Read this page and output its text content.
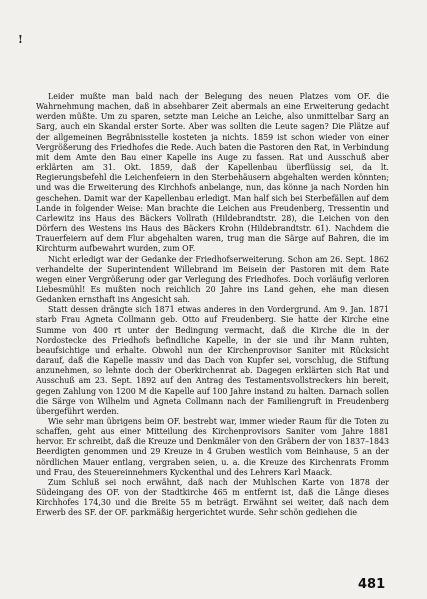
!

Leider mußte man bald nach der Belegung des neuen Platzes vom OF. die Wahrnehmung machen, daß in absehbarer Zeit abermals an eine Erweiterung gedacht werden müßte. Um zu sparen, setzte man Leiche an Leiche, also unmittelbar Sarg an Sarg, auch ein Skandal erster Sorte. Aber was sollten die Leute sagen? Die Plätze auf der allgemeinen Begräbnisstelle kosteten ja nichts. 1859 ist schon wieder von einer Vergrößerung des Friedhofes die Rede. Auch baten die Pastoren den Rat, in Verbindung mit dem Amte den Bau einer Kapelle ins Auge zu fassen. Rat und Ausschuß aber erklärten am 31. Okt. 1859, daß der Kapellenbau überflüssig sei, da lt. Regierungsbefehl die Leichenfeiern in den Sterbehäusern abgehalten werden könnten; und was die Erweiterung des Kirchhofs anbelange, nun, das könne ja nach Norden hin geschehen. Damit war der Kapellenbau erledigt. Man half sich bei Sterbefällen auf dem Lande in folgender Weise: Man brachte die Leichen aus Freudenberg, Tressentin und Carlewitz ins Haus des Bäckers Vollrath (Hildebrandtstr. 28), die Leichen von den Dörfern des Westens ins Haus des Bäckers Krohn (Hildebrandtstr. 61). Nachdem die Trauerfeiern auf dem Flur abgehalten waren, trug man die Särge auf Bahren, die im Kirchturm aufbewahrt wurden, zum OF.

Nicht erledigt war der Gedanke der Friedhofserweiterung. Schon am 26. Sept. 1862 verhandelte der Superintendent Willebrand im Beisein der Pastoren mit dem Rate wegen einer Vergrößerung oder gar Verlegung des Friedhofes. Doch vorläufig verloren Liebesmühl! Es mußten noch reichlich 20 Jahre ins Land gehen, ehe man diesen Gedanken ernsthaft ins Angesicht sah.

Statt dessen drängte sich 1871 etwas anderes in den Vordergrund. Am 9. Jan. 1871 starb Frau Agneta Collmann geb. Otto auf Freudenberg. Sie hatte der Kirche eine Summe von 400 rt unter der Bedingung vermacht, daß die Kirche die in der Nordostecke des Friedhofs befindliche Kapelle, in der sie und ihr Mann ruhten, beaufsichtige und erhalte. Obwohl nun der Kirchenprovisor Saniter mit Rücksicht darauf, daß die Kapelle massiv und das Dach von Kupfer sei, vorschlug, die Stiftung anzunehmen, so lehnte doch der Oberkirchenrat ab. Dagegen erklärten sich Rat und Ausschuß am 23. Sept. 1892 auf den Antrag des Testamentsvollstreckers hin bereit, gegen Zahlung von 1200 M die Kapelle auf 100 Jahre instand zu halten. Darnach sollen die Särge von Wilhelm und Agneta Collmann nach der Familiengruft in Freudenberg übergeführt werden.

Wie sehr man übrigens beim OF. bestrebt war, immer wieder Raum für die Toten zu schaffen, geht aus einer Mitteilung des Kirchenprovisors Saniter vom Jahre 1881 hervor. Er schreibt, daß die Kreuze und Denkmäler von den Gräbern der von 1837–1843 Beerdigten genommen und 29 Kreuze in 4 Gruben westlich vom Beinhause, 5 an der nördlichen Mauer entlang, vergraben seien, u. a. die Kreuze des Kirchenrats Fromm und Frau, des Steuereinnehmers Kyckenthal und des Lehrers Karl Maack.

Zum Schluß sei noch erwähnt, daß nach der Muhlschen Karte von 1878 der Südeingang des OF. von der Stadtkirche 465 m entfernt ist, daß die Länge dieses Kirchhofes 174,30 und die Breite 55 m beträgt. Erwähnt sei weiter, daß nach dem Erwerb des SF. der OF. parkmäßig hergerichtet wurde. Sehr schön gediehen die

481
